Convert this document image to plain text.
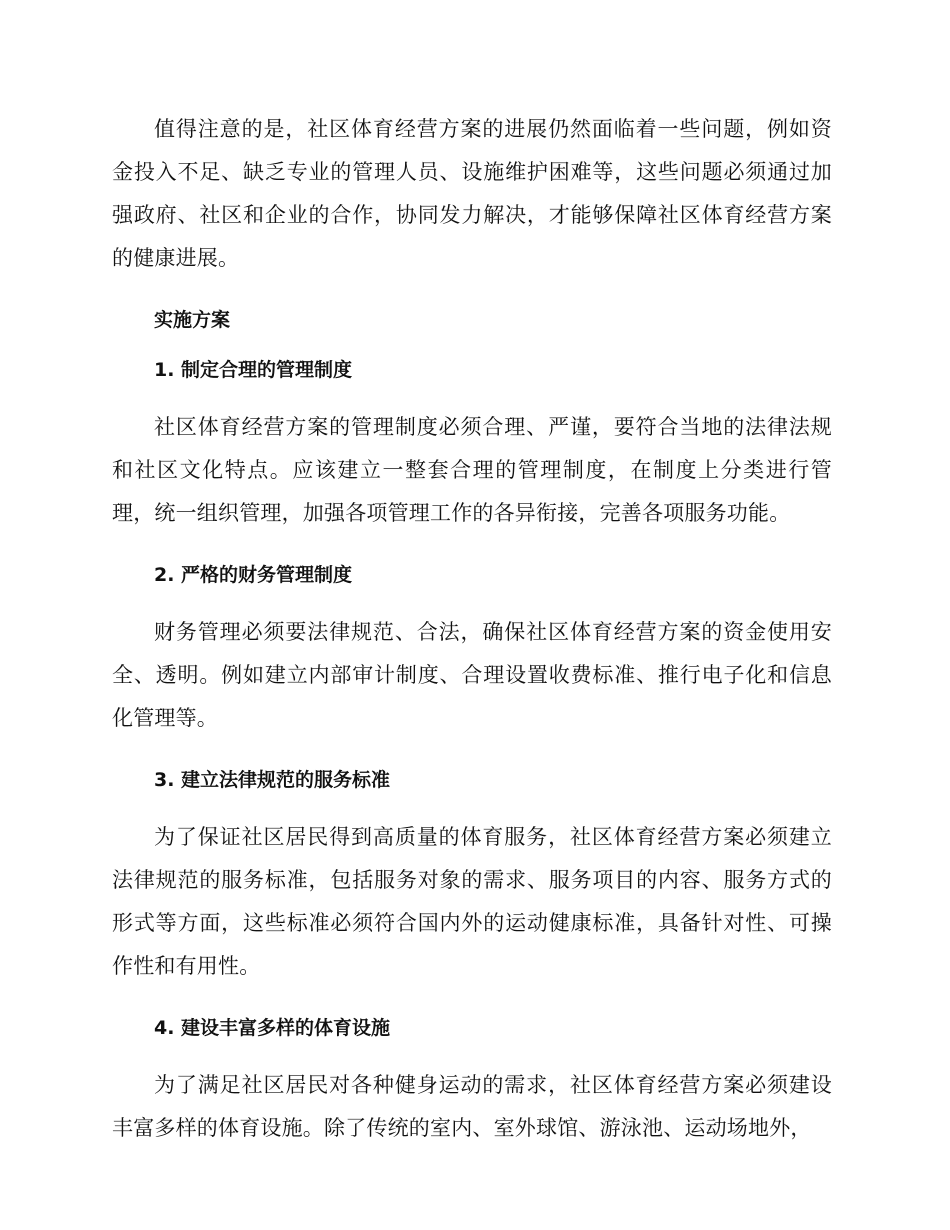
值得注意的是，社区体育经营方案的进展仍然面临着一些问题，例如资金投入不足、缺乏专业的管理人员、设施维护困难等，这些问题必须通过加强政府、社区和企业的合作，协同发力解决，才能够保障社区体育经营方案的健康进展。

实施方案
1. 制定合理的管理制度

社区体育经营方案的管理制度必须合理、严谨，要符合当地的法律法规和社区文化特点。应该建立一整套合理的管理制度，在制度上分类进行管理，统一组织管理，加强各项管理工作的各异衔接，完善各项服务功能。

2. 严格的财务管理制度

财务管理必须要法律规范、合法，确保社区体育经营方案的资金使用安全、透明。例如建立内部审计制度、合理设置收费标准、推行电子化和信息化管理等。

3. 建立法律规范的服务标准

为了保证社区居民得到高质量的体育服务，社区体育经营方案必须建立法律规范的服务标准，包括服务对象的需求、服务项目的内容、服务方式的形式等方面，这些标准必须符合国内外的运动健康标准，具备针对性、可操作性和有用性。

4. 建设丰富多样的体育设施

为了满足社区居民对各种健身运动的需求，社区体育经营方案必须建设丰富多样的体育设施。除了传统的室内、室外球馆、游泳池、运动场地外，
